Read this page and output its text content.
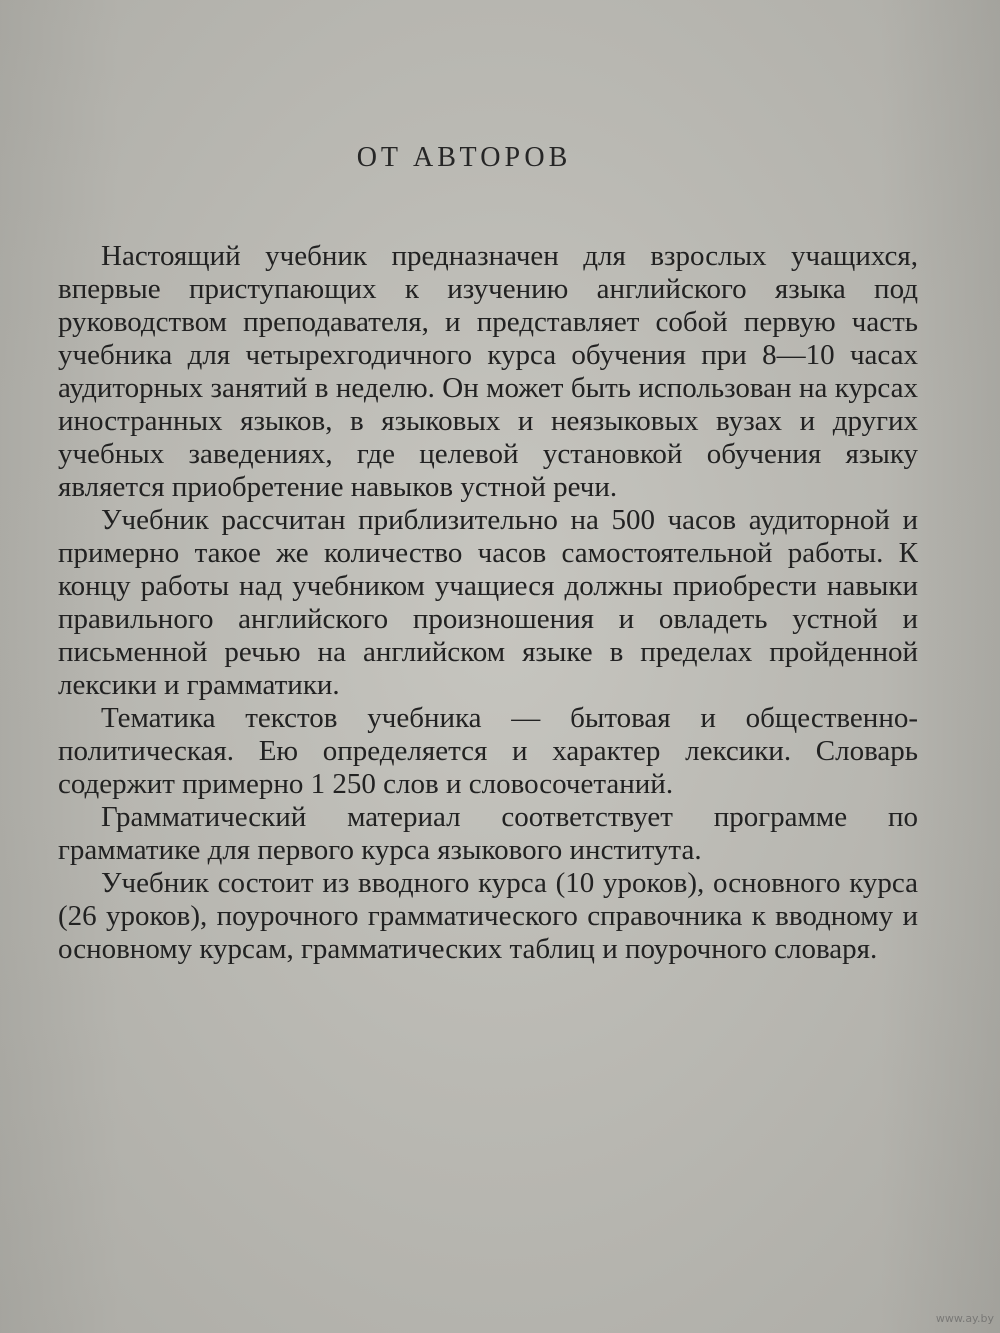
ОТ АВТОРОВ

Настоящий учебник предназначен для взрослых учащихся, впервые приступающих к изучению английского языка под руководством преподавателя, и представляет собой первую часть учебника для четырехгодичного курса обучения при 8—10 часах аудиторных занятий в неделю. Он может быть использован на курсах иностранных языков, в языковых и неязыковых вузах и других учебных заведениях, где целевой установкой обучения языку является приобретение навыков устной речи.

Учебник рассчитан приблизительно на 500 часов аудиторной и примерно такое же количество часов самостоятельной работы. К концу работы над учебником учащиеся должны приобрести навыки правильного английского произношения и овладеть устной и письменной речью на английском языке в пределах пройденной лексики и грамматики.

Тематика текстов учебника — бытовая и общественно-политическая. Ею определяется и характер лексики. Словарь содержит примерно 1 250 слов и словосочетаний.

Грамматический материал соответствует программе по грамматике для первого курса языкового института.

Учебник состоит из вводного курса (10 уроков), основного курса (26 уроков), поурочного грамматического справочника к вводному и основному курсам, грамматических таблиц и поурочного словаря.

www.ay.by
